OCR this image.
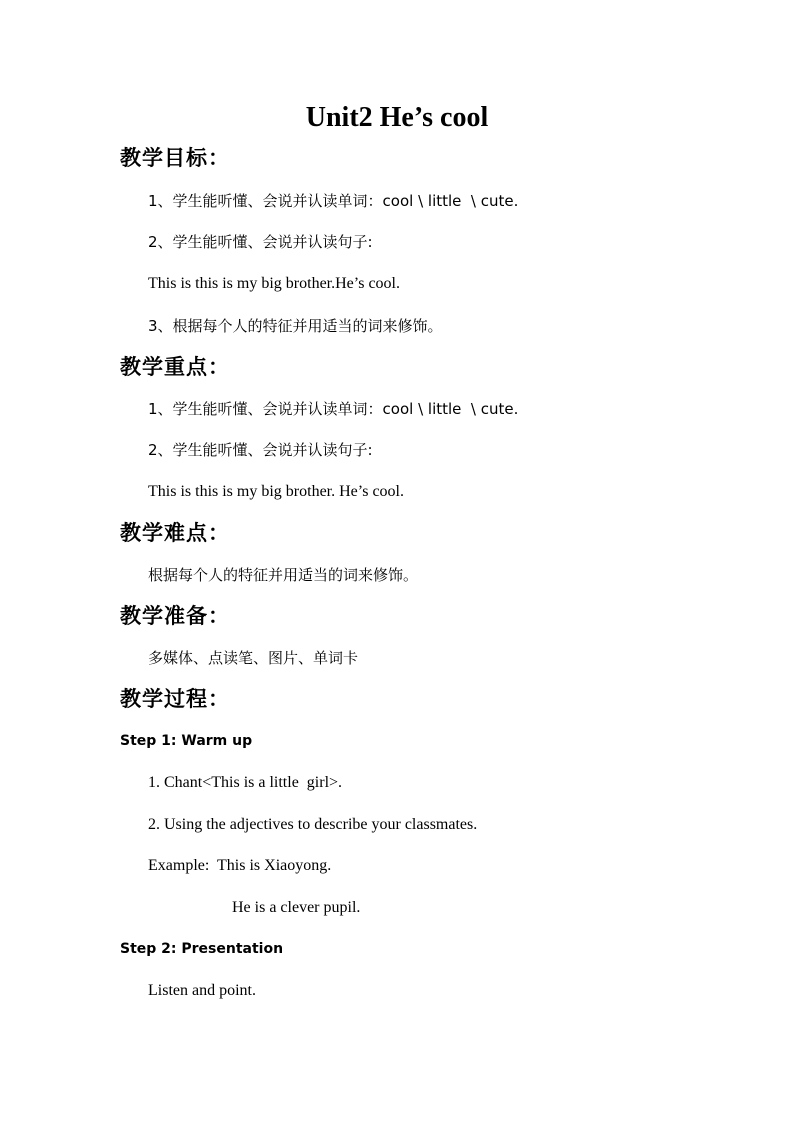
Unit2 He’s cool
教学目标：
1、学生能听懂、会说并认读单词：cool \ little  \ cute.
2、学生能听懂、会说并认读句子:
This is this is my big brother.He’s cool.
3、根据每个人的特征并用适当的词来修饰。
教学重点：
1、学生能听懂、会说并认读单词：cool \ little  \ cute.
2、学生能听懂、会说并认读句子:
This is this is my big brother. He’s cool.
教学难点：
根据每个人的特征并用适当的词来修饰。
教学准备：
多媒体、点读笔、图片、单词卡
教学过程：
Step 1: Warm up
1. Chant<This is a little  girl>.
2. Using the adjectives to describe your classmates.
Example:  This is Xiaoyong.
He is a clever pupil.
Step 2: Presentation
Listen and point.
